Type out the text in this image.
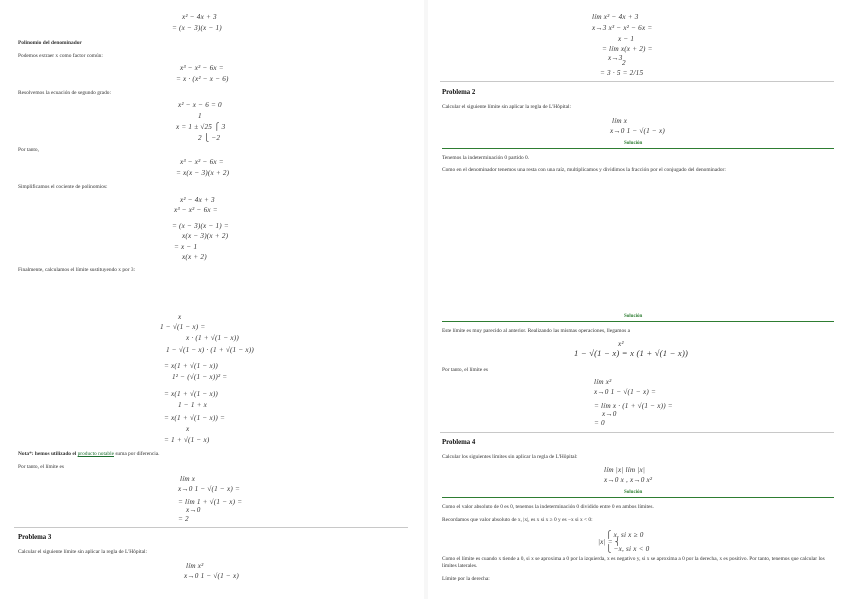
x² − 4x + 3
= (x − 3)(x − 1)
Polinomio del denominador
Podemos extraer x como factor común:
x³ − x² − 6x =
= x · (x² − x − 6)
Resolvemos la ecuación de segundo grado:
x² − x − 6 = 0
1
x = 1 ± √25 ⎧ 3
2 ⎩ −2
Por tanto,
x³ − x² − 6x =
= x(x − 3)(x + 2)
Simplificamos el cociente de polinomios:
x² − 4x + 3
x³ − x² − 6x =
= (x − 3)(x − 1) =
x(x − 3)(x + 2)
= x − 1
x(x + 2)
Finalmente, calculamos el límite sustituyendo x por 3:
x
1 − √(1 − x) =
x · (1 + √(1 − x))
1 − √(1 − x) · (1 + √(1 − x))
= x(1 + √(1 − x))
1² − (√(1 − x))² =
= x(1 + √(1 − x))
1 − 1 + x
= x(1 + √(1 − x)) =
x
= 1 + √(1 − x)
Nota*: hemos utilizado el producto notable suma por diferencia.
Por tanto, el límite es
lím x
x→0 1 − √(1 − x) =
= lím 1 + √(1 − x) =
x→0
= 2
Problema 3
Calcular el siguiente límite sin aplicar la regla de L'Hôpital:
lím x²
x→0 1 − √(1 − x)
lím x² − 4x + 3
x→3 x³ − x² − 6x =
x − 1
= lím x(x + 2) =
x→3
2
= 3 · 5 = 2/15
Problema 2
Calcular el siguiente límite sin aplicar la regla de L'Hôpital:
lím x
x→0 1 − √(1 − x)
Solución
Tenemos la indeterminación 0 partido 0.
Como en el denominador tenemos una resta con una raíz, multiplicamos y dividimos la fracción por el conjugado del denominador:
Solución
Este límite es muy parecido al anterior. Realizando las mismas operaciones, llegamos a
x²
1 − √(1 − x) = x (1 + √(1 − x))
Por tanto, el límite es
lím x²
x→0 1 − √(1 − x) =
= lím x · (1 + √(1 − x)) =
x→0
= 0
Problema 4
Calcular los siguientes límites sin aplicar la regla de L'Hôpital:
lím |x| lím |x|
x→0 x , x→0 x²
Solución
Como el valor absoluto de 0 es 0, tenemos la indeterminación 0 dividido entre 0 en ambos límites.
Recordamos que valor absoluto de x, |x|, es x si x ≥ 0 y es −x si x < 0:
⎧ x, si x ≥ 0
|x| = ⎨
⎩ −x, si x < 0
Como el límite es cuando x tiende a 0, si x se aproxima a 0 por la izquierda, x es negativo y, si x se aproxima a 0 por la derecha, x es positivo. Por tanto, tenemos que calcular los límites laterales.
Límite por la derecha:
